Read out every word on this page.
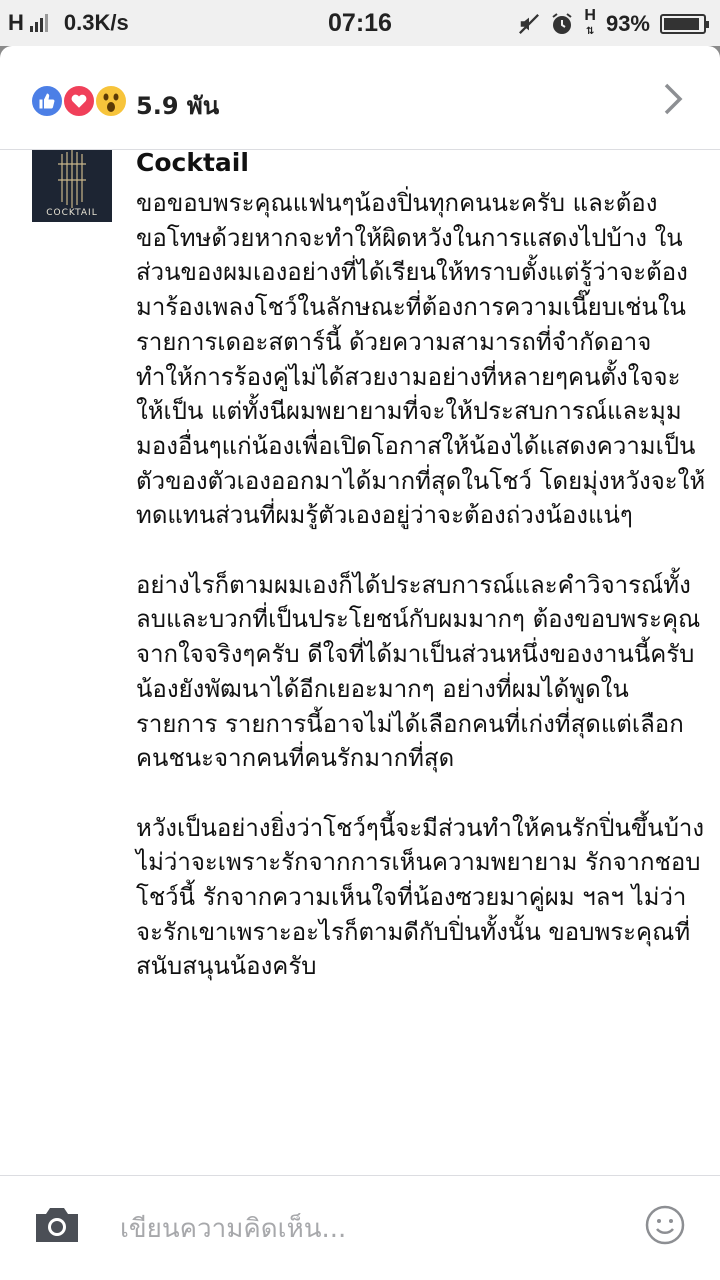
H 0.3K/s	07:16	H
⇅ 93%
5.9 พัน
COCKTAIL
Cocktail

ขอขอบพระคุณแฟนๆน้องปิ่นทุกคนนะครับ และต้องขอโทษด้วยหากจะทำให้ผิดหวังในการแสดงไปบ้าง ในส่วนของผมเองอย่างที่ได้เรียนให้ทราบตั้งแต่รู้ว่าจะต้องมาร้องเพลงโชว์ในลักษณะที่ต้องการความเนี๊ยบเช่นในรายการเดอะสตาร์นี้ ด้วยความสามารถที่จำกัดอาจทำให้การร้องคู่ไม่ได้สวยงามอย่างที่หลายๆคนตั้งใจจะให้เป็น แต่ทั้งนีผมพยายามที่จะให้ประสบการณ์และมุมมองอื่นๆแก่น้องเพื่อเปิดโอกาสให้น้องได้แสดงความเป็นตัวของตัวเองออกมาได้มากที่สุดในโชว์ โดยมุ่งหวังจะให้ทดแทนส่วนที่ผมรู้ตัวเองอยู่ว่าจะต้องถ่วงน้องแน่ๆ

อย่างไรก็ตามผมเองก็ได้ประสบการณ์และคำวิจารณ์ทั้งลบและบวกที่เป็นประโยชน์กับผมมากๆ ต้องขอบพระคุณจากใจจริงๆครับ ดีใจที่ได้มาเป็นส่วนหนึ่งของงานนี้ครับ น้องยังพัฒนาได้อีกเยอะมากๆ อย่างที่ผมได้พูดในรายการ รายการนี้อาจไม่ได้เลือกคนที่เก่งที่สุดแต่เลือกคนชนะจากคนที่คนรักมากที่สุด

หวังเป็นอย่างยิ่งว่าโชว์ๆนี้จะมีส่วนทำให้คนรักปิ่นขึ้นบ้างไม่ว่าจะเพราะรักจากการเห็นความพยายาม รักจากชอบโชว์นี้ รักจากความเห็นใจที่น้องซวยมาคู่ผม ฯลฯ ไม่ว่าจะรักเขาเพราะอะไรก็ตามดีกับปิ่นทั้งนั้น ขอบพระคุณที่สนับสนุนน้องครับ

เขียนความคิดเห็น...
